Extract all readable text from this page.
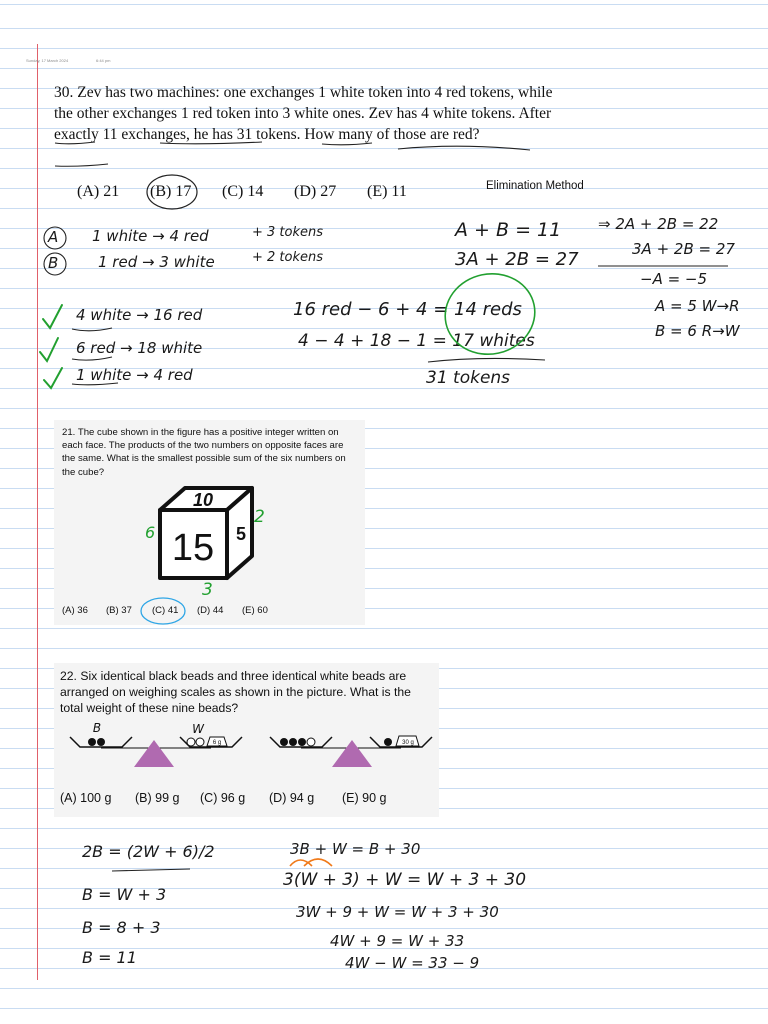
Sunday, 17 March 2024	6:44 pm
30. Zev has two machines: one exchanges 1 white token into 4 red tokens, while the other exchanges 1 red token into 3 white ones. Zev has 4 white tokens. After exactly 11 exchanges, he has 31 tokens. How many of those are red?
(A) 21 (B) 17 (C) 14 (D) 27 (E) 11	Elimination Method
A
B
1 white → 4 red	+ 3 tokens
1 red → 3 white	+ 2 tokens
4 white → 16 red
6 red → 18 white
1 white → 4 red
16 red − 6 + 4 = 14 reds
4 − 4 + 18 − 1 = 17 whites
31 tokens
A + B = 11
3A + 2B = 27
⇒ 2A + 2B = 22
3A + 2B = 27
−A = −5
A = 5 W→R
B = 6 R→W
21. The cube shown in the figure has a positive integer written on each face. The products of the two numbers on opposite faces are the same. What is the smallest possible sum of the six numbers on the cube?
(A) 36 (B) 37 (C) 41 (D) 44 (E) 60
22. Six identical black beads and three identical white beads are arranged on weighing scales as shown in the picture. What is the total weight of these nine beads?
(A) 100 g (B) 99 g (C) 96 g (D) 94 g (E) 90 g
2B = (2W + 6)/2
B = W + 3
B = 8 + 3
B = 11
3B + W = B + 30
3(W + 3) + W = W + 3 + 30
3W + 9 + W = W + 3 + 30
4W + 9 = W + 33
4W − W = 33 − 9
10
15 5
6
2
3
6 g
B	W
30 g
